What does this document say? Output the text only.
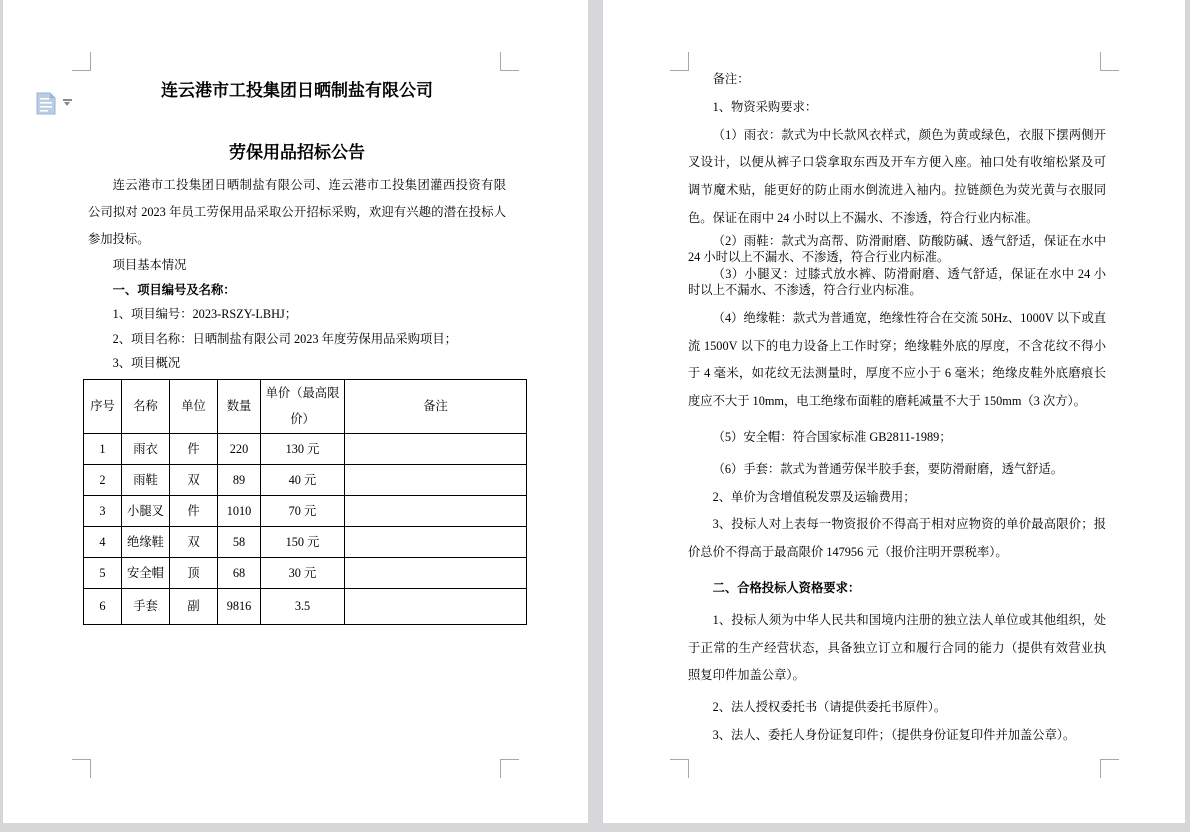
连云港市工投集团日晒制盐有限公司
劳保用品招标公告

连云港市工投集团日晒制盐有限公司、连云港市工投集团灌西投资有限公司拟对 2023 年员工劳保用品采取公开招标采购，欢迎有兴趣的潜在投标人参加投标。

项目基本情况

一、项目编号及名称：

1、项目编号：2023-RSZY-LBHJ；

2、项目名称：日晒制盐有限公司 2023 年度劳保用品采购项目；

3、项目概况

序号	名称	单位	数量	单价（最高限价）	备注
1	雨衣	件	220	130 元	
2	雨鞋	双	89	40 元	
3	小腿叉	件	1010	70 元	
4	绝缘鞋	双	58	150 元	
5	安全帽	顶	68	30 元	
6	手套	副	9816	3.5	

备注：

1、物资采购要求：

（1）雨衣：款式为中长款风衣样式，颜色为黄或绿色，衣服下摆两侧开叉设计，以便从裤子口袋拿取东西及开车方便入座。袖口处有收缩松紧及可调节魔术贴，能更好的防止雨水倒流进入袖内。拉链颜色为荧光黄与衣服同色。保证在雨中 24 小时以上不漏水、不渗透，符合行业内标准。

（2）雨鞋：款式为高帮、防滑耐磨、防酸防碱、透气舒适，保证在水中 24 小时以上不漏水、不渗透，符合行业内标准。

（3）小腿叉：过膝式放水裤、防滑耐磨、透气舒适，保证在水中 24 小时以上不漏水、不渗透，符合行业内标准。

（4）绝缘鞋：款式为普通宽，绝缘性符合在交流 50Hz、1000V 以下或直流 1500V 以下的电力设备上工作时穿；绝缘鞋外底的厚度，不含花纹不得小于 4 毫米，如花纹无法测量时，厚度不应小于 6 毫米；绝缘皮鞋外底磨痕长度应不大于 10mm，电工绝缘布面鞋的磨耗减量不大于 150mm（3 次方）。

（5）安全帽：符合国家标准 GB2811-1989；

（6）手套：款式为普通劳保半胶手套，要防滑耐磨，透气舒适。

2、单价为含增值税发票及运输费用；

3、投标人对上表每一物资报价不得高于相对应物资的单价最高限价；报价总价不得高于最高限价 147956 元（报价注明开票税率）。

二、合格投标人资格要求：

1、投标人须为中华人民共和国境内注册的独立法人单位或其他组织，处于正常的生产经营状态，具备独立订立和履行合同的能力（提供有效营业执照复印件加盖公章）。

2、法人授权委托书（请提供委托书原件）。

3、法人、委托人身份证复印件；（提供身份证复印件并加盖公章）。
